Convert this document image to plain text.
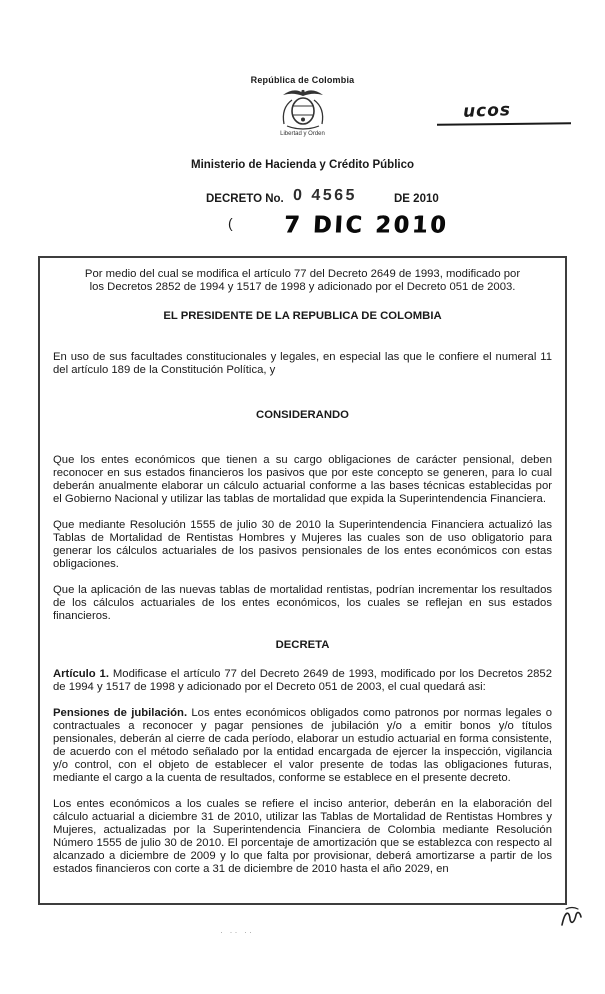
República de Colombia
Libertad y Orden
ucos
Ministerio de Hacienda y Crédito Público
DECRETO No. 0 4565	DE 2010
( 7 DIC 2010

Por medio del cual se modifica el artículo 77 del Decreto 2649 de 1993, modificado por los Decretos 2852 de 1994 y 1517 de 1998 y adicionado por el Decreto 051 de 2003.

EL PRESIDENTE DE LA REPUBLICA DE COLOMBIA

En uso de sus facultades constitucionales y legales, en especial las que le confiere el numeral 11 del artículo 189 de la Constitución Política, y

CONSIDERANDO

Que los entes económicos que tienen a su cargo obligaciones de carácter pensional, deben reconocer en sus estados financieros los pasivos que por este concepto se generen, para lo cual deberán anualmente elaborar un cálculo actuarial conforme a las bases técnicas establecidas por el Gobierno Nacional y utilizar las tablas de mortalidad que expida la Superintendencia Financiera.

Que mediante Resolución 1555 de julio 30 de 2010 la Superintendencia Financiera actualizó las Tablas de Mortalidad de Rentistas Hombres y Mujeres las cuales son de uso obligatorio para generar los cálculos actuariales de los pasivos pensionales de los entes económicos con estas obligaciones.

Que la aplicación de las nuevas tablas de mortalidad rentistas, podrían incrementar los resultados de los cálculos actuariales de los entes económicos, los cuales se reflejan en sus estados financieros.

DECRETA

Artículo 1. Modificase el artículo 77 del Decreto 2649 de 1993, modificado por los Decretos 2852 de 1994 y 1517 de 1998 y adicionado por el Decreto 051 de 2003, el cual quedará asi:

Pensiones de jubilación. Los entes económicos obligados como patronos por normas legales o contractuales a reconocer y pagar pensiones de jubilación y/o a emitir bonos y/o títulos pensionales, deberán al cierre de cada período, elaborar un estudio actuarial en forma consistente, de acuerdo con el método señalado por la entidad encargada de ejercer la inspección, vigilancia y/o control, con el objeto de establecer el valor presente de todas las obligaciones futuras, mediante el cargo a la cuenta de resultados, conforme se establece en el presente decreto.

Los entes económicos a los cuales se refiere el inciso anterior, deberán en la elaboración del cálculo actuarial a diciembre 31 de 2010, utilizar las Tablas de Mortalidad de Rentistas Hombres y Mujeres, actualizadas por la Superintendencia Financiera de Colombia mediante Resolución Número 1555 de julio 30 de 2010. El porcentaje de amortización que se establezca con respecto al alcanzado a diciembre de 2009 y lo que falta por provisionar, deberá amortizarse a partir de los estados financieros con corte a 31 de diciembre de 2010 hasta el año 2029, en

· ·· ··
